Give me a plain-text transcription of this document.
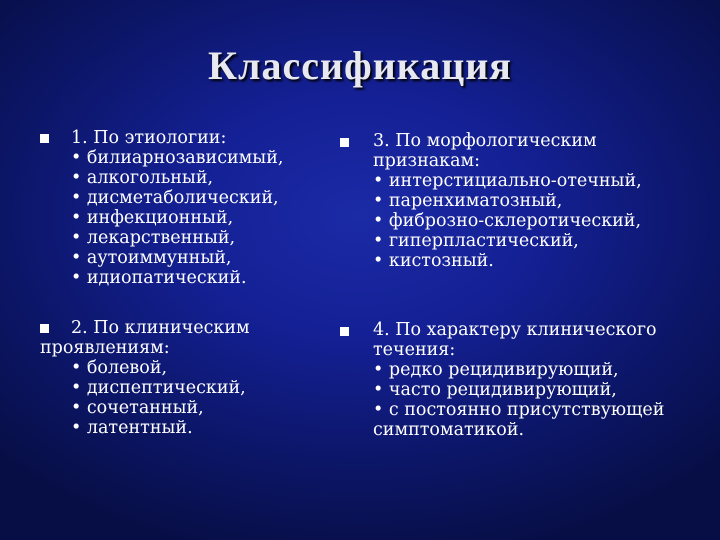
Классификация
1. По этиологии:
• билиарнозависимый,
• алкогольный,
• дисметаболический,
• инфекционный,
• лекарственный,
• аутоиммунный,
• идиопатический.
3. По морфологическим признакам:
• интерстициально-отечный,
• паренхиматозный,
• фиброзно-склеротический,
• гиперпластический,
• кистозный.
2. По клиническим проявлениям:
• болевой,
• диспептический,
• сочетанный,
• латентный.
4. По характеру клинического течения:
• редко рецидивирующий,
• часто рецидивирующий,
• с постоянно присутствующей симптоматикой.
